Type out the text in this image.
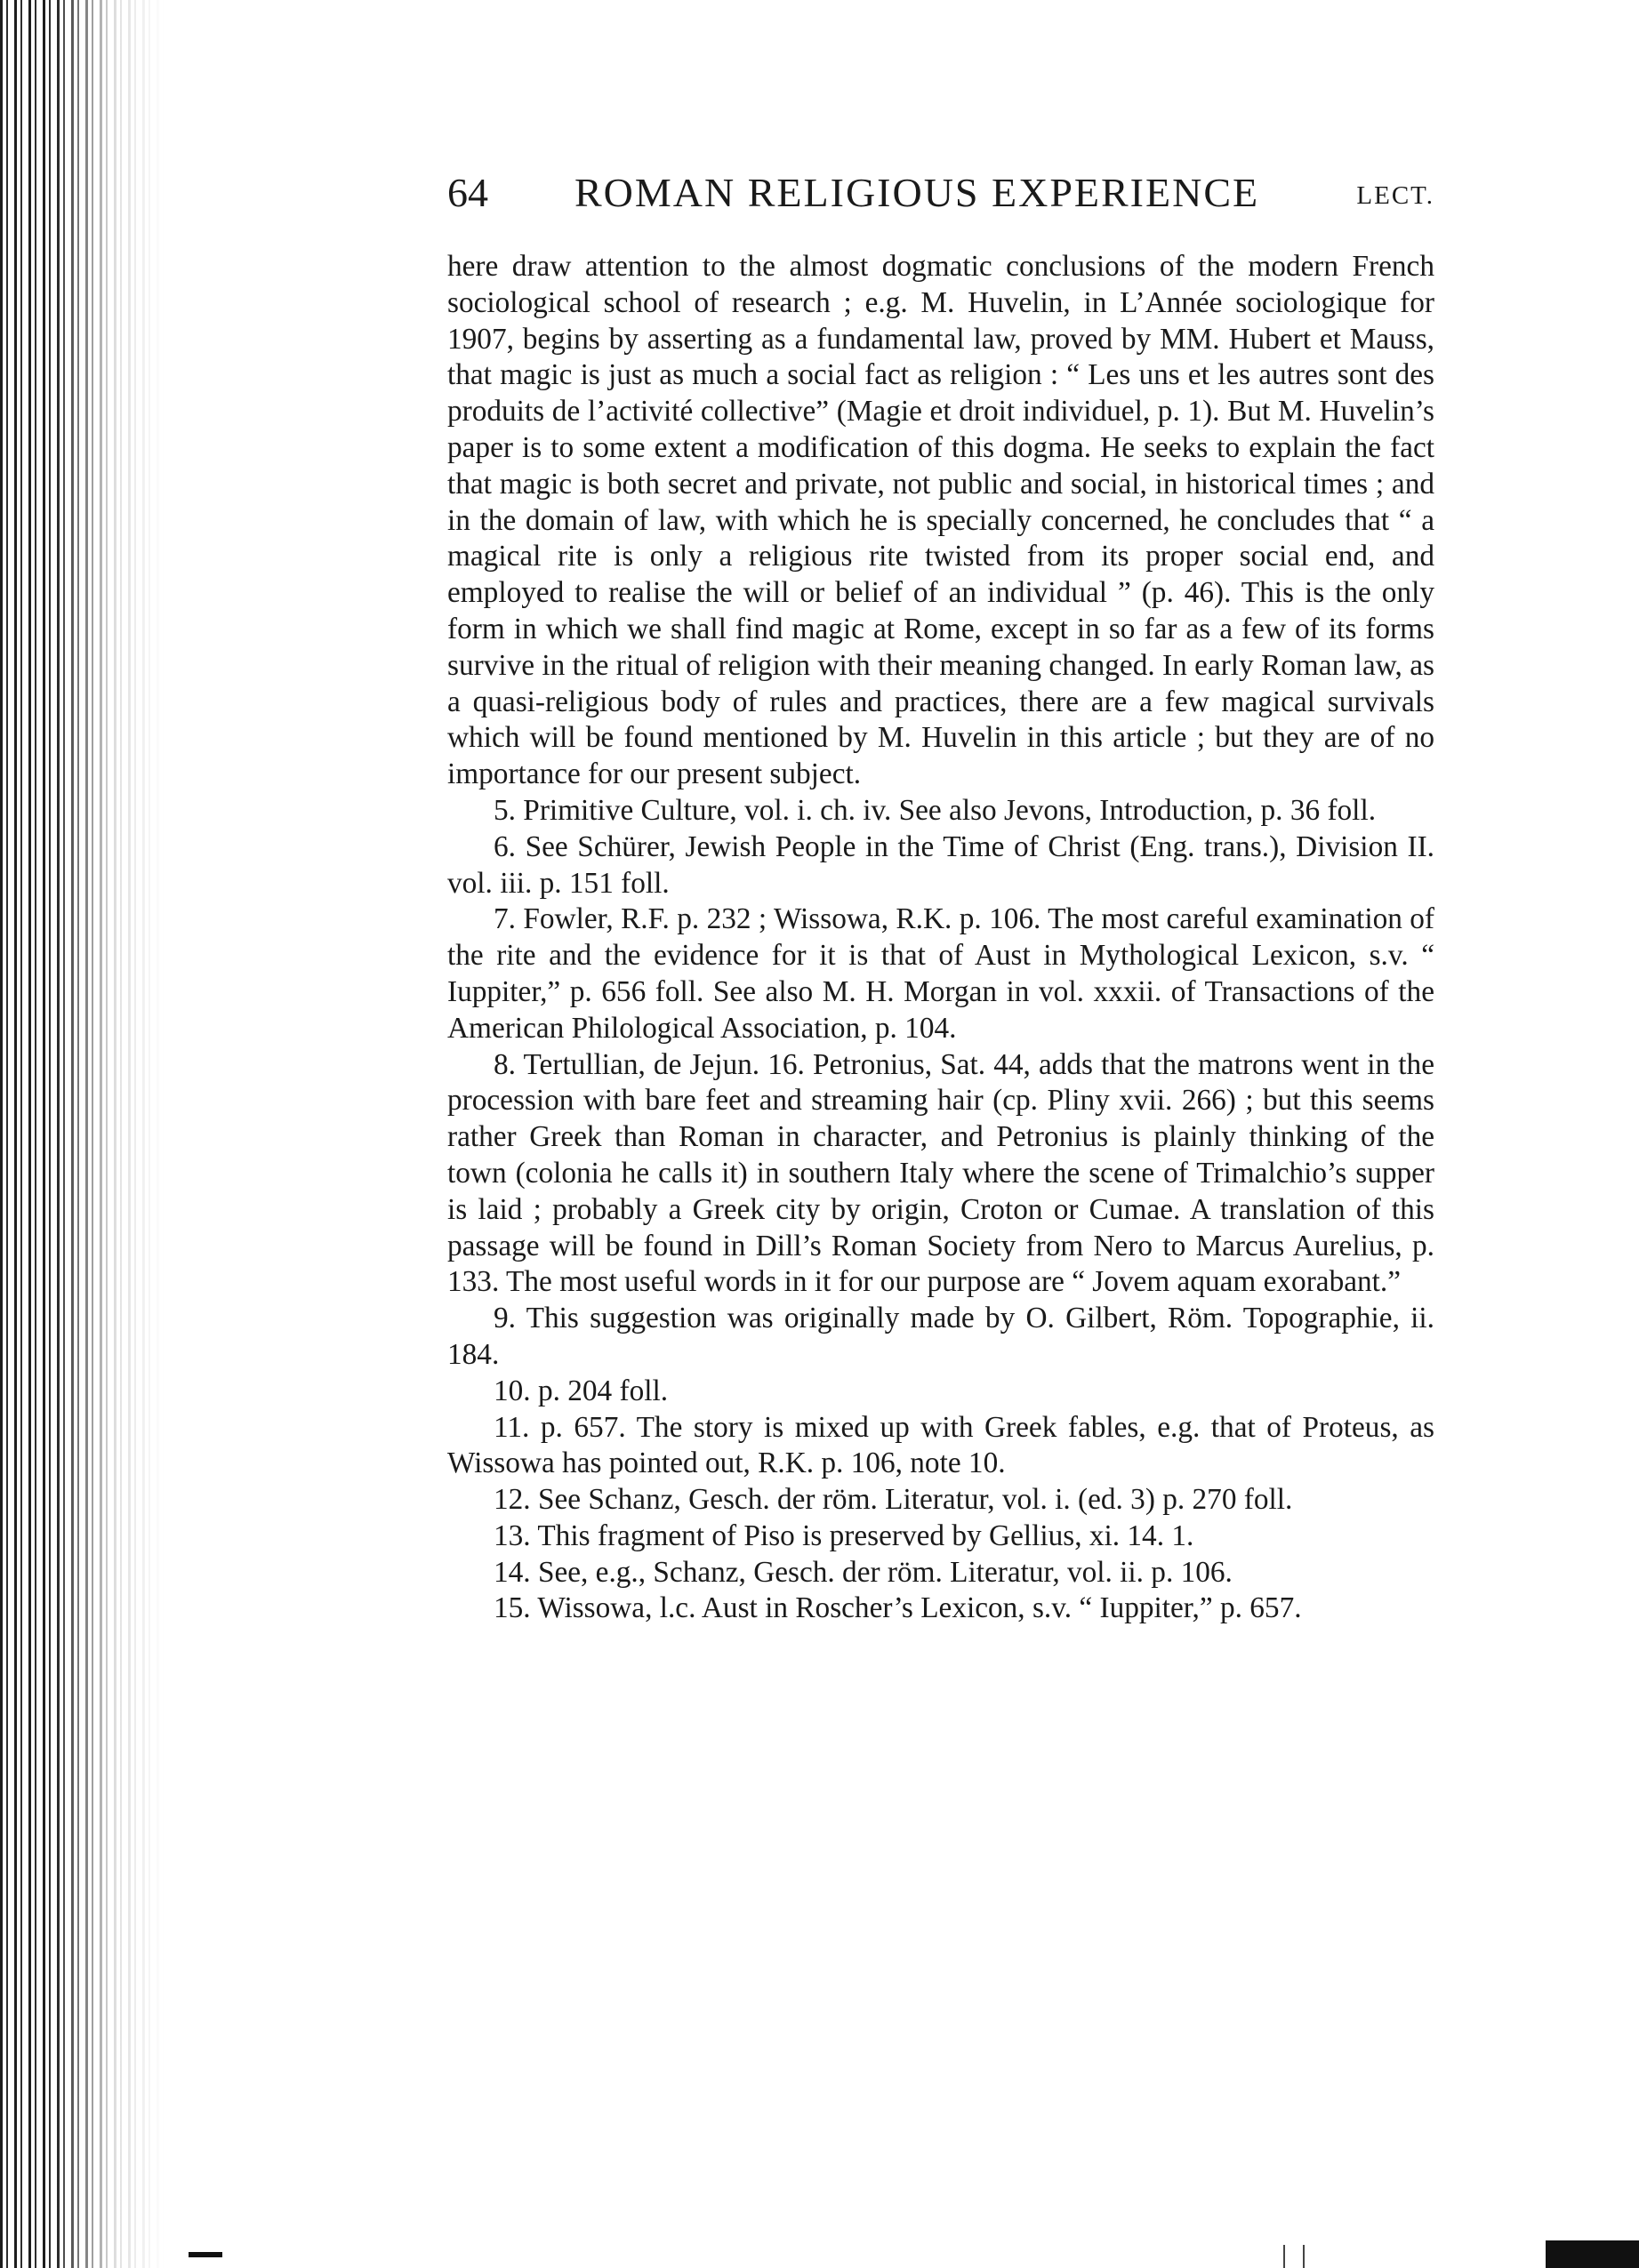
64 ROMAN RELIGIOUS EXPERIENCE	LECT.

here draw attention to the almost dogmatic conclusions of the modern French sociological school of research ; e.g. M. Huvelin, in L’Année sociologique for 1907, begins by asserting as a fundamental law, proved by MM. Hubert et Mauss, that magic is just as much a social fact as religion : “ Les uns et les autres sont des produits de l’activité collective” (Magie et droit individuel, p. 1). But M. Huvelin’s paper is to some extent a modification of this dogma. He seeks to explain the fact that magic is both secret and private, not public and social, in historical times ; and in the domain of law, with which he is specially concerned, he concludes that “ a magical rite is only a religious rite twisted from its proper social end, and employed to realise the will or belief of an individual ” (p. 46). This is the only form in which we shall find magic at Rome, except in so far as a few of its forms survive in the ritual of religion with their meaning changed. In early Roman law, as a quasi-religious body of rules and practices, there are a few magical survivals which will be found mentioned by M. Huvelin in this article ; but they are of no importance for our present subject.

5. Primitive Culture, vol. i. ch. iv. See also Jevons, Introduction, p. 36 foll.

6. See Schürer, Jewish People in the Time of Christ (Eng. trans.), Division II. vol. iii. p. 151 foll.

7. Fowler, R.F. p. 232 ; Wissowa, R.K. p. 106. The most careful examination of the rite and the evidence for it is that of Aust in Mythological Lexicon, s.v. “ Iuppiter,” p. 656 foll. See also M. H. Morgan in vol. xxxii. of Transactions of the American Philological Association, p. 104.

8. Tertullian, de Jejun. 16. Petronius, Sat. 44, adds that the matrons went in the procession with bare feet and streaming hair (cp. Pliny xvii. 266) ; but this seems rather Greek than Roman in character, and Petronius is plainly thinking of the town (colonia he calls it) in southern Italy where the scene of Trimalchio’s supper is laid ; probably a Greek city by origin, Croton or Cumae. A translation of this passage will be found in Dill’s Roman Society from Nero to Marcus Aurelius, p. 133. The most useful words in it for our purpose are “ Jovem aquam exorabant.”

9. This suggestion was originally made by O. Gilbert, Röm. Topographie, ii. 184.

10. p. 204 foll.

11. p. 657. The story is mixed up with Greek fables, e.g. that of Proteus, as Wissowa has pointed out, R.K. p. 106, note 10.

12. See Schanz, Gesch. der röm. Literatur, vol. i. (ed. 3) p. 270 foll.

13. This fragment of Piso is preserved by Gellius, xi. 14. 1.

14. See, e.g., Schanz, Gesch. der röm. Literatur, vol. ii. p. 106.

15. Wissowa, l.c. Aust in Roscher’s Lexicon, s.v. “ Iuppiter,” p. 657.
